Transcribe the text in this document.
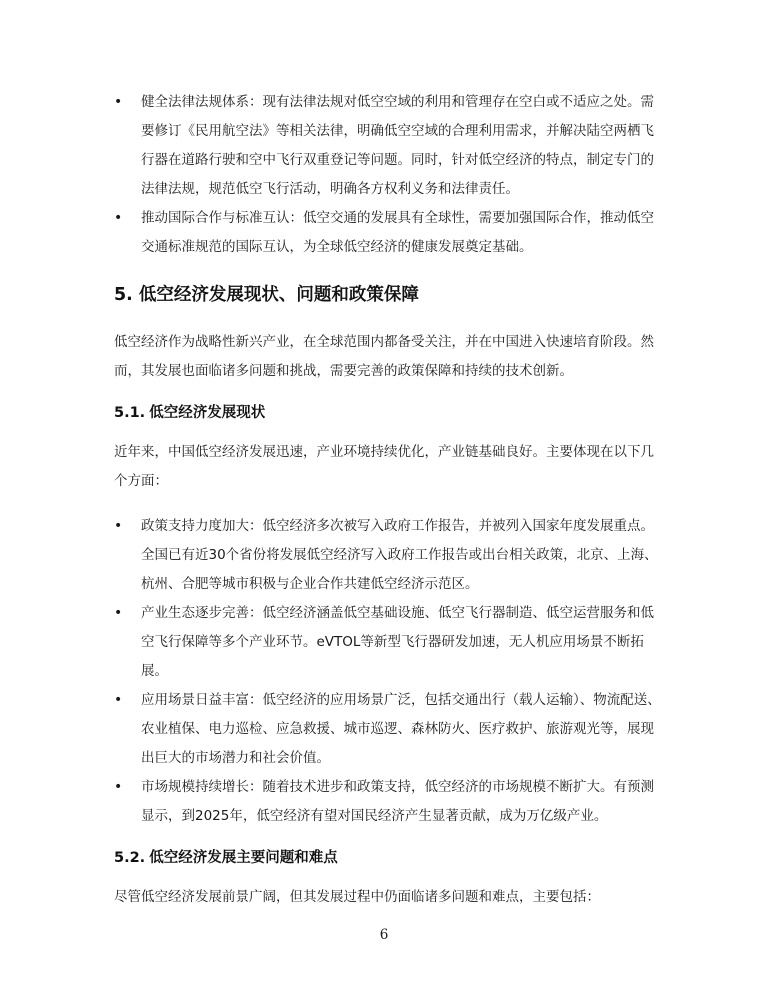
• 健全法律法规体系：现有法律法规对低空空域的利用和管理存在空白或不适应之处。需要修订《民用航空法》等相关法律，明确低空空域的合理利用需求，并解决陆空两栖飞行器在道路行驶和空中飞行双重登记等问题。同时，针对低空经济的特点，制定专门的法律法规，规范低空飞行活动，明确各方权利义务和法律责任。
• 推动国际合作与标准互认：低空交通的发展具有全球性，需要加强国际合作，推动低空交通标准规范的国际互认，为全球低空经济的健康发展奠定基础。
5. 低空经济发展现状、问题和政策保障

低空经济作为战略性新兴产业，在全球范围内都备受关注，并在中国进入快速培育阶段。然而，其发展也面临诸多问题和挑战，需要完善的政策保障和持续的技术创新。

5.1. 低空经济发展现状

近年来，中国低空经济发展迅速，产业环境持续优化，产业链基础良好。主要体现在以下几个方面：

• 政策支持力度加大：低空经济多次被写入政府工作报告，并被列入国家年度发展重点。全国已有近30个省份将发展低空经济写入政府工作报告或出台相关政策，北京、上海、杭州、合肥等城市积极与企业合作共建低空经济示范区。
• 产业生态逐步完善：低空经济涵盖低空基础设施、低空飞行器制造、低空运营服务和低空飞行保障等多个产业环节。eVTOL等新型飞行器研发加速，无人机应用场景不断拓展。
• 应用场景日益丰富：低空经济的应用场景广泛，包括交通出行（载人运输）、物流配送、农业植保、电力巡检、应急救援、城市巡逻、森林防火、医疗救护、旅游观光等，展现出巨大的市场潜力和社会价值。
• 市场规模持续增长：随着技术进步和政策支持，低空经济的市场规模不断扩大。有预测显示，到2025年，低空经济有望对国民经济产生显著贡献，成为万亿级产业。
5.2. 低空经济发展主要问题和难点

尽管低空经济发展前景广阔，但其发展过程中仍面临诸多问题和难点，主要包括：

6
